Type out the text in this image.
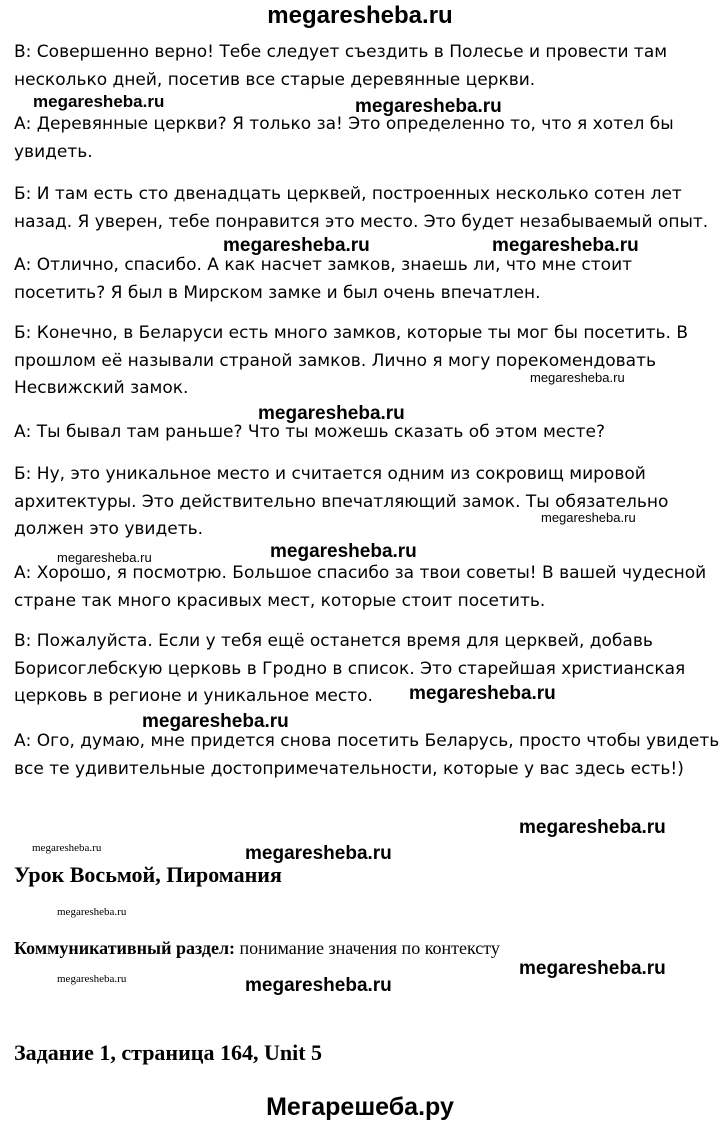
megaresheba.ru

В: Совершенно верно! Тебе следует съездить в Полесье и провести там
несколько дней, посетив все старые деревянные церкви.

А: Деревянные церкви? Я только за! Это определенно то, что я хотел бы
увидеть.

Б: И там есть сто двенадцать церквей, построенных несколько сотен лет
назад. Я уверен, тебе понравится это место. Это будет незабываемый опыт.

А: Отлично, спасибо. А как насчет замков, знаешь ли, что мне стоит
посетить? Я был в Мирском замке и был очень впечатлен.

Б: Конечно, в Беларуси есть много замков, которые ты мог бы посетить. В
прошлом её называли страной замков. Лично я могу порекомендовать
Несвижский замок.

А: Ты бывал там раньше? Что ты можешь сказать об этом месте?

Б: Ну, это уникальное место и считается одним из сокровищ мировой
архитектуры. Это действительно впечатляющий замок. Ты обязательно
должен это увидеть.

А: Хорошо, я посмотрю. Большое спасибо за твои советы! В вашей чудесной
стране так много красивых мест, которые стоит посетить.

В: Пожалуйста. Если у тебя ещё останется время для церквей, добавь
Борисоглебскую церковь в Гродно в список. Это старейшая христианская
церковь в регионе и уникальное место.

А: Ого, думаю, мне придется снова посетить Беларусь, просто чтобы увидеть
все те удивительные достопримечательности, которые у вас здесь есть!)

Урок Восьмой, Пиромания
Коммуникативный раздел: понимание значения по контексту
Задание 1, страница 164, Unit 5
megaresheba.ru	megaresheba.ru
megaresheba.ru	megaresheba.ru
megaresheba.ru
megaresheba.ru
megaresheba.ru
megaresheba.ru	megaresheba.ru
megaresheba.ru
megaresheba.ru
megaresheba.ru
megaresheba.ru	megaresheba.ru
megaresheba.ru
megaresheba.ru
megaresheba.ru	megaresheba.ru
Мегарешеба.ру
